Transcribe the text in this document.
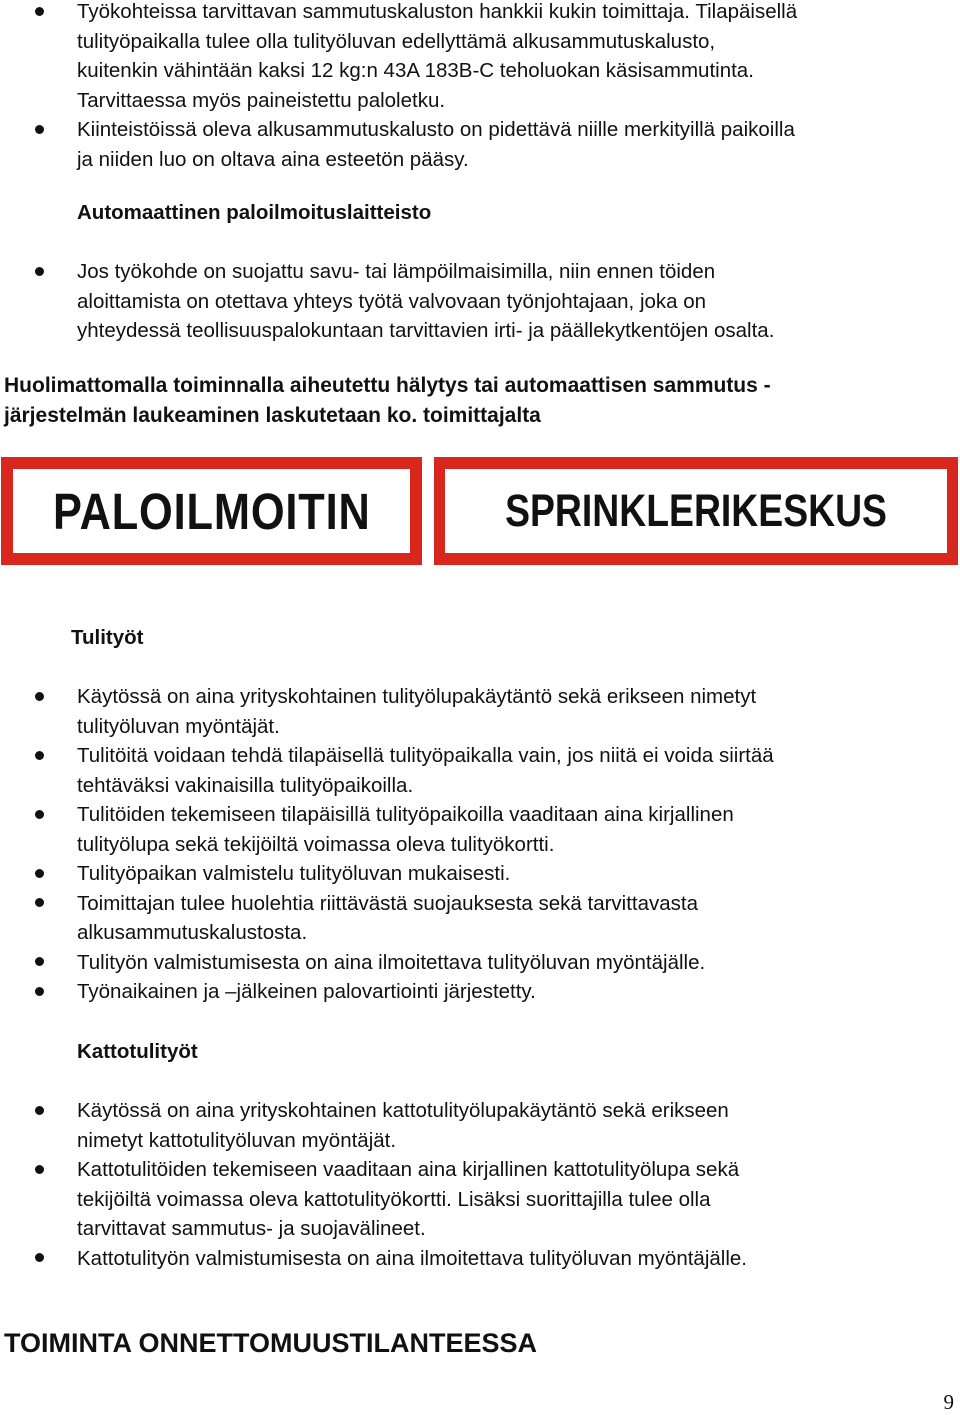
Työkohteissa tarvittavan sammutuskaluston hankkii kukin toimittaja. Tilapäisellä
tulityöpaikalla tulee olla tulityöluvan edellyttämä alkusammutuskalusto,
kuitenkin vähintään kaksi 12 kg:n 43A 183B-C teholuokan käsisammutinta.
Tarvittaessa myös paineistettu paloletku.
Kiinteistöissä oleva alkusammutuskalusto on pidettävä niille merkityillä paikoilla
ja niiden luo on oltava aina esteetön pääsy.
Automaattinen paloilmoituslaitteisto
Jos työkohde on suojattu savu- tai lämpöilmaisimilla, niin ennen töiden
aloittamista on otettava yhteys työtä valvovaan työnjohtajaan, joka on
yhteydessä teollisuuspalokuntaan tarvittavien irti- ja päällekytkentöjen osalta.
Huolimattomalla toiminnalla aiheutettu hälytys tai automaattisen sammutus -
järjestelmän laukeaminen laskutetaan ko. toimittajalta
PALOILMOITIN	SPRINKLERIKESKUS
Tulityöt
Käytössä on aina yrityskohtainen tulityölupakäytäntö sekä erikseen nimetyt
tulityöluvan myöntäjät.
Tulitöitä voidaan tehdä tilapäisellä tulityöpaikalla vain, jos niitä ei voida siirtää
tehtäväksi vakinaisilla tulityöpaikoilla.
Tulitöiden tekemiseen tilapäisillä tulityöpaikoilla vaaditaan aina kirjallinen
tulityölupa sekä tekijöiltä voimassa oleva tulityökortti.
Tulityöpaikan valmistelu tulityöluvan mukaisesti.
Toimittajan tulee huolehtia riittävästä suojauksesta sekä tarvittavasta
alkusammutuskalustosta.
Tulityön valmistumisesta on aina ilmoitettava tulityöluvan myöntäjälle.
Työnaikainen ja –jälkeinen palovartiointi järjestetty.
Kattotulityöt
Käytössä on aina yrityskohtainen kattotulityölupakäytäntö sekä erikseen
nimetyt kattotulityöluvan myöntäjät.
Kattotulitöiden tekemiseen vaaditaan aina kirjallinen kattotulityölupa sekä
tekijöiltä voimassa oleva kattotulityökortti. Lisäksi suorittajilla tulee olla
tarvittavat sammutus- ja suojavälineet.
Kattotulityön valmistumisesta on aina ilmoitettava tulityöluvan myöntäjälle.
TOIMINTA ONNETTOMUUSTILANTEESSA
9
